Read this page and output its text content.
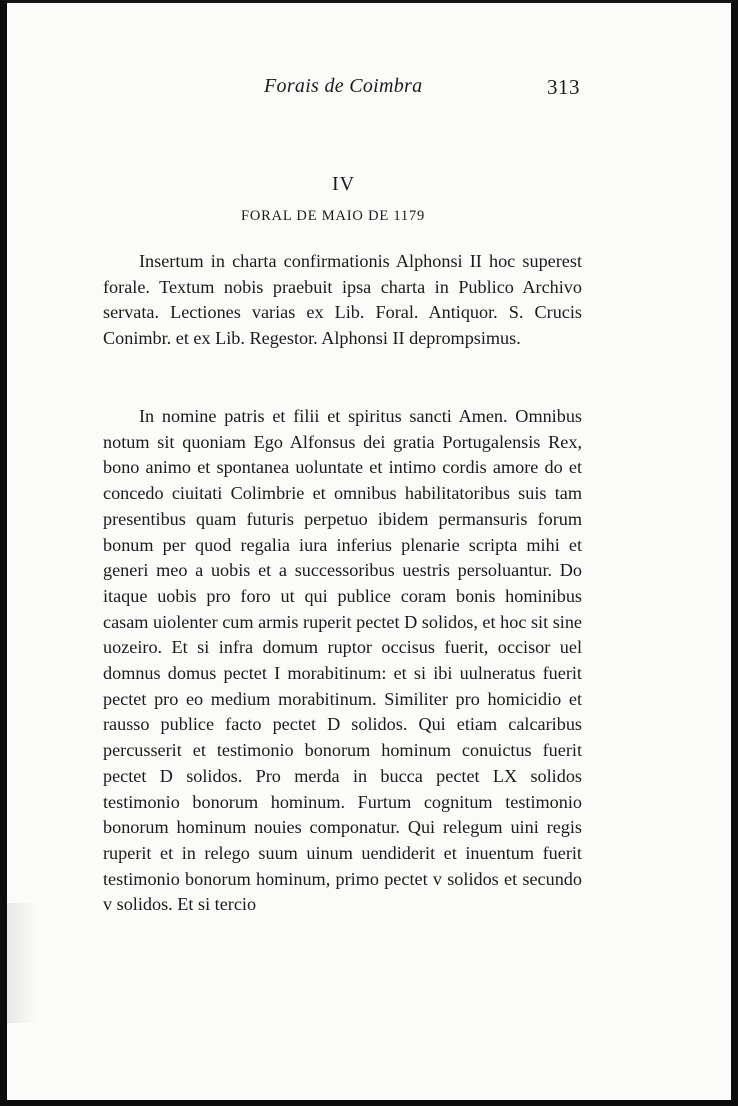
Forais de Coimbra	313
IV
FORAL DE MAIO DE 1179

Insertum in charta confirmationis Alphonsi II hoc superest forale. Textum nobis praebuit ipsa charta in Publico Archivo servata. Lectiones varias ex Lib. Foral. Antiquor. S. Crucis Conimbr. et ex Lib. Regestor. Alphonsi II deprompsimus.

In nomine patris et filii et spiritus sancti Amen. Omnibus notum sit quoniam Ego Alfonsus dei gratia Portugalensis Rex, bono animo et spontanea uoluntate et intimo cordis amore do et concedo ciuitati Colimbrie et omnibus habilitatoribus suis tam presentibus quam futuris perpetuo ibidem permansuris forum bonum per quod regalia iura inferius plenarie scripta mihi et generi meo a uobis et a successoribus uestris persoluantur. Do itaque uobis pro foro ut qui publice coram bonis hominibus casam uiolenter cum armis ruperit pectet D solidos, et hoc sit sine uozeiro. Et si infra domum ruptor occisus fuerit, occisor uel domnus domus pectet I morabitinum: et si ibi uulneratus fuerit pectet pro eo medium morabitinum. Similiter pro homicidio et rausso publice facto pectet D solidos. Qui etiam calcaribus percusserit et testimonio bonorum hominum conuictus fuerit pectet D solidos. Pro merda in bucca pectet LX solidos testimonio bonorum hominum. Furtum cognitum testimonio bonorum hominum nouies componatur. Qui relegum uini regis ruperit et in relego suum uinum uendiderit et inuentum fuerit testimonio bonorum hominum, primo pectet v solidos et secundo v solidos. Et si tercio
